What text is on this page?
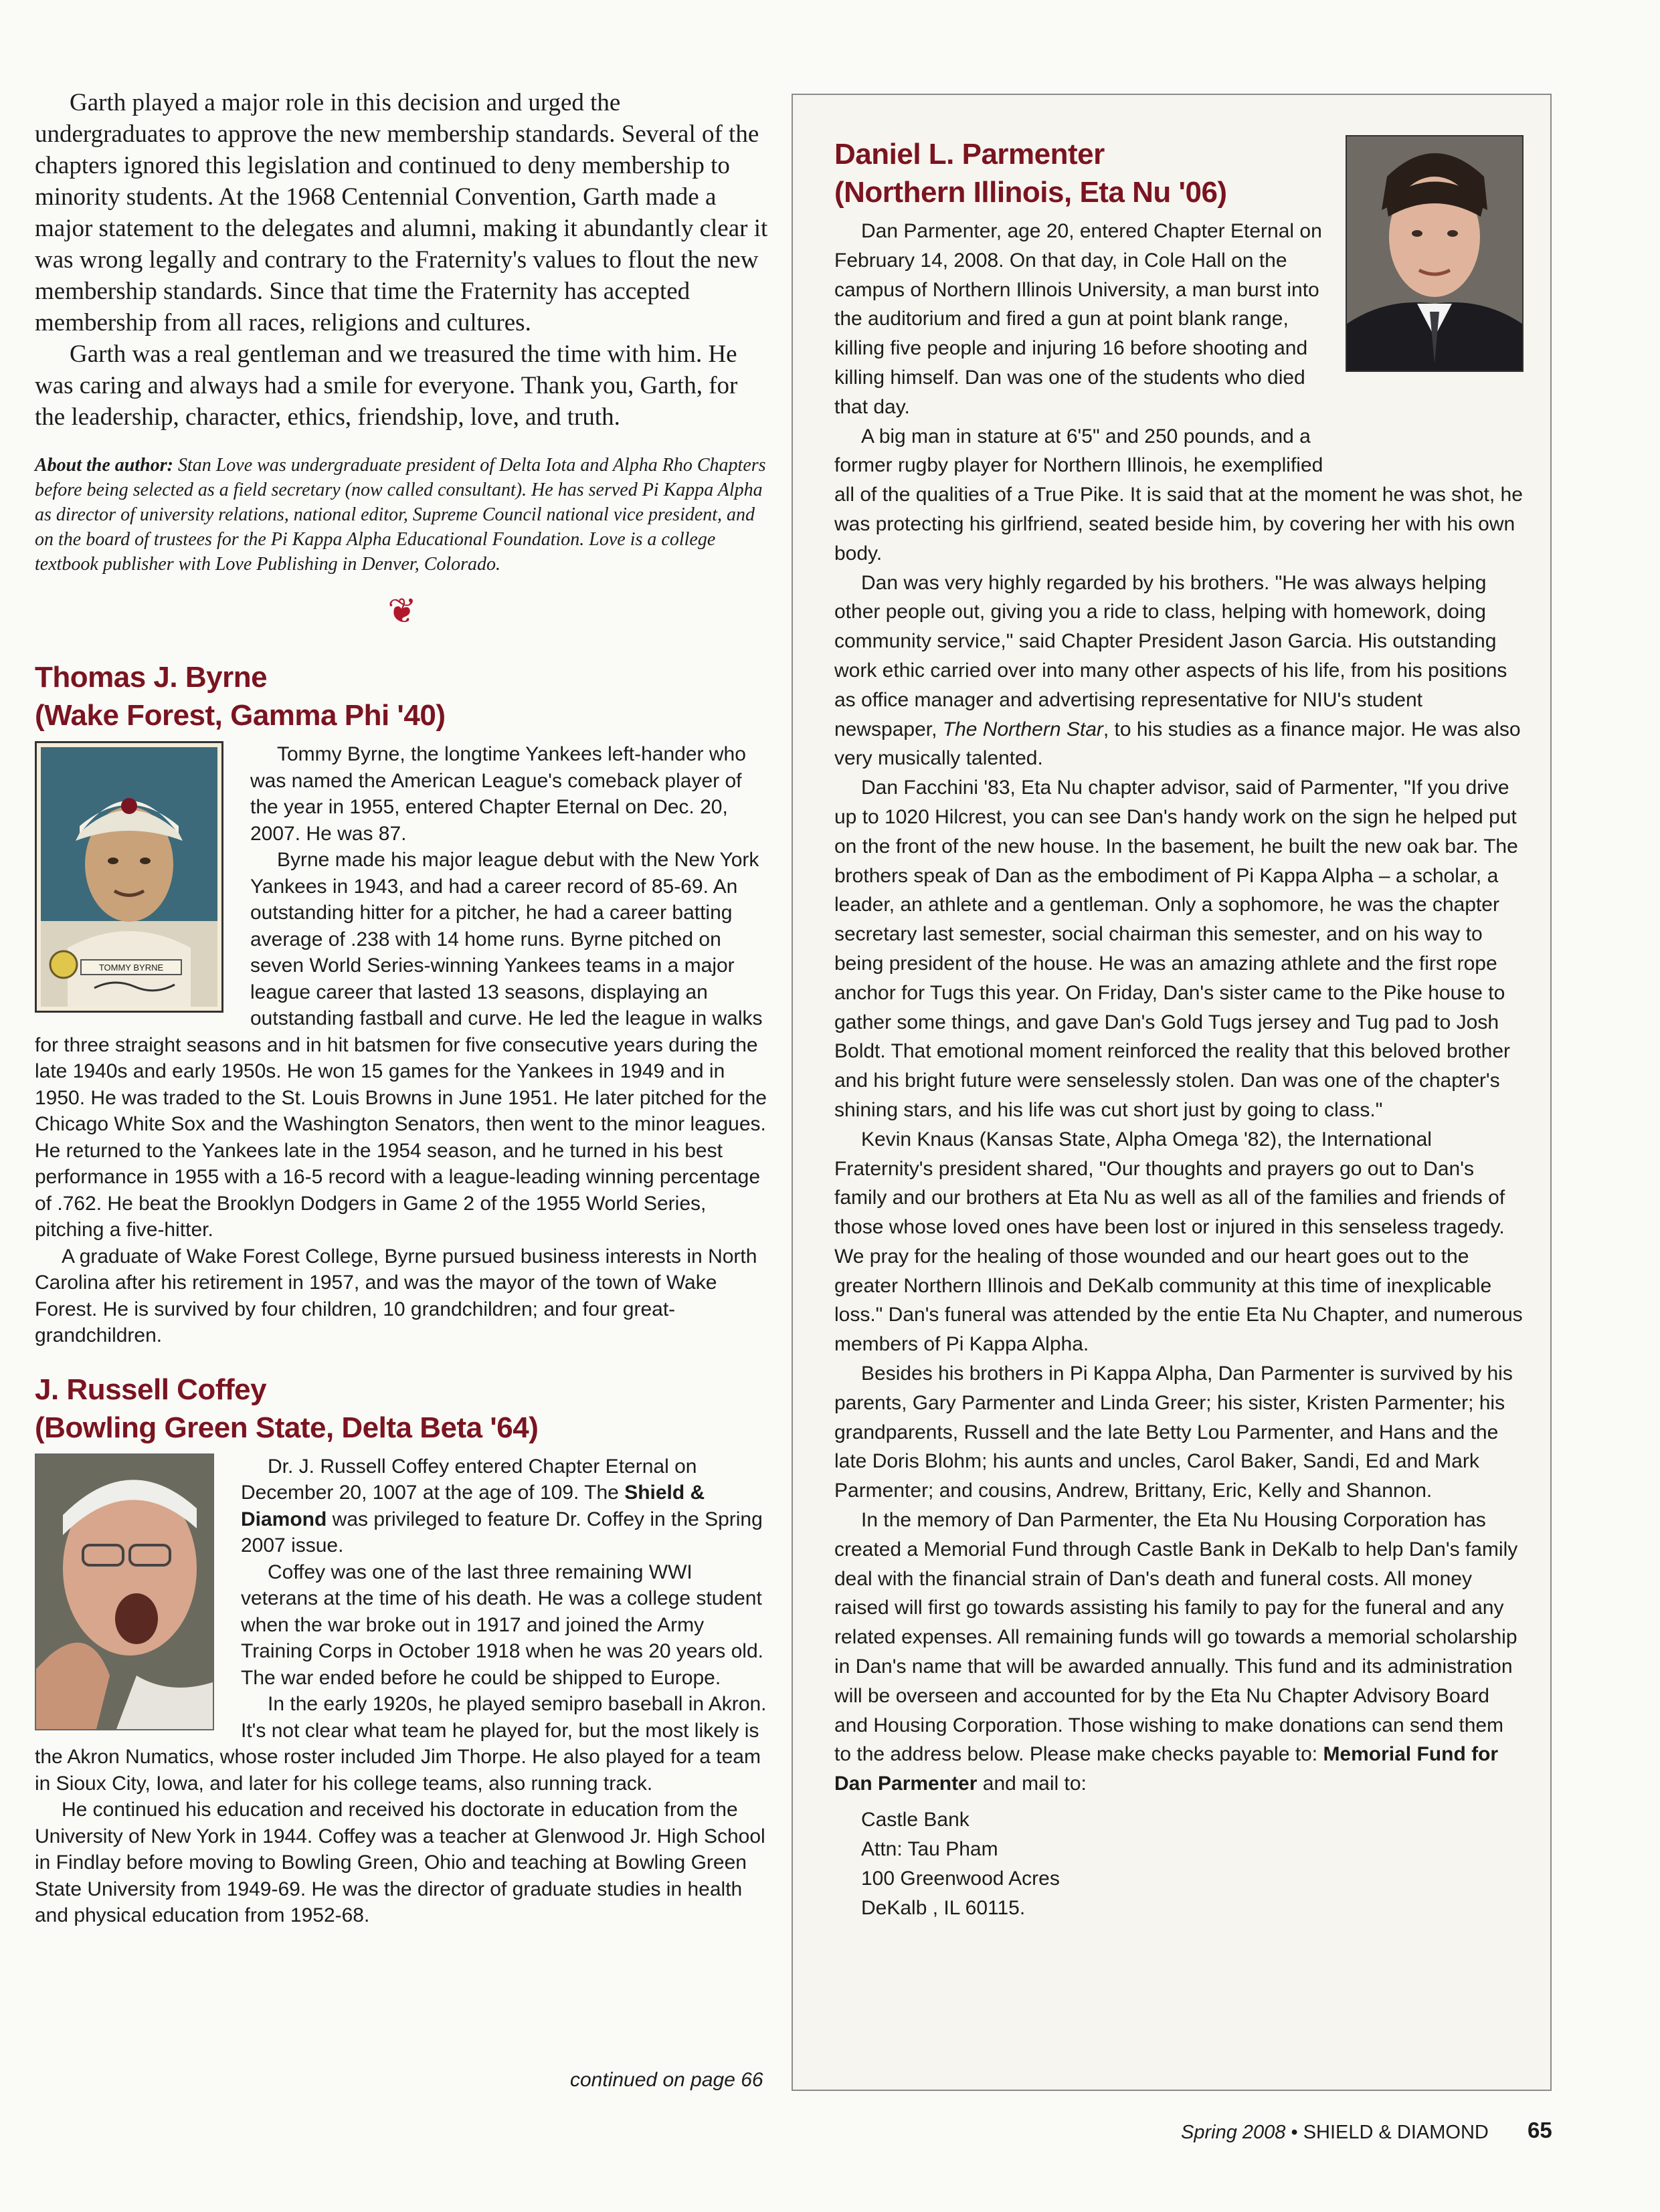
Garth played a major role in this decision and urged the undergraduates to approve the new membership standards. Several of the chapters ignored this legislation and continued to deny membership to minority students. At the 1968 Centennial Convention, Garth made a major statement to the delegates and alumni, making it abundantly clear it was wrong legally and contrary to the Fraternity's values to flout the new membership standards. Since that time the Fraternity has accepted membership from all races, religions and cultures.

Garth was a real gentleman and we treasured the time with him. He was caring and always had a smile for everyone. Thank you, Garth, for the leadership, character, ethics, friendship, love, and truth.

About the author: Stan Love was undergraduate president of Delta Iota and Alpha Rho Chapters before being selected as a field secretary (now called consultant). He has served Pi Kappa Alpha as director of university relations, national editor, Supreme Council national vice president, and on the board of trustees for the Pi Kappa Alpha Educational Foundation. Love is a college textbook publisher with Love Publishing in Denver, Colorado.
❦
Thomas J. Byrne
(Wake Forest, Gamma Phi '40)
TOMMY BYRNE

Tommy Byrne, the longtime Yankees left-hander who was named the American League's comeback player of the year in 1955, entered Chapter Eternal on Dec. 20, 2007. He was 87.

Byrne made his major league debut with the New York Yankees in 1943, and had a career record of 85-69. An outstanding hitter for a pitcher, he had a career batting average of .238 with 14 home runs. Byrne pitched on seven World Series-winning Yankees teams in a major league career that lasted 13 seasons, displaying an outstanding fastball and curve. He led the league in walks for three straight seasons and in hit batsmen for five consecutive years during the late 1940s and early 1950s. He won 15 games for the Yankees in 1949 and in 1950. He was traded to the St. Louis Browns in June 1951. He later pitched for the Chicago White Sox and the Washington Senators, then went to the minor leagues. He returned to the Yankees late in the 1954 season, and he turned in his best performance in 1955 with a 16-5 record with a league-leading winning percentage of .762. He beat the Brooklyn Dodgers in Game 2 of the 1955 World Series, pitching a five-hitter.

A graduate of Wake Forest College, Byrne pursued business interests in North Carolina after his retirement in 1957, and was the mayor of the town of Wake Forest. He is survived by four children, 10 grandchildren; and four great-grandchildren.

J. Russell Coffey
(Bowling Green State, Delta Beta '64)

Dr. J. Russell Coffey entered Chapter Eternal on December 20, 1007 at the age of 109. The Shield & Diamond was privileged to feature Dr. Coffey in the Spring 2007 issue.

Coffey was one of the last three remaining WWI veterans at the time of his death. He was a college student when the war broke out in 1917 and joined the Army Training Corps in October 1918 when he was 20 years old. The war ended before he could be shipped to Europe.

In the early 1920s, he played semipro baseball in Akron. It's not clear what team he played for, but the most likely is the Akron Numatics, whose roster included Jim Thorpe. He also played for a team in Sioux City, Iowa, and later for his college teams, also running track.

He continued his education and received his doctorate in education from the University of New York in 1944. Coffey was a teacher at Glenwood Jr. High School in Findlay before moving to Bowling Green, Ohio and teaching at Bowling Green State University from 1949-69. He was the director of graduate studies in health and physical education from 1952-68.

continued on page 66
Daniel L. Parmenter
(Northern Illinois, Eta Nu '06)

Dan Parmenter, age 20, entered Chapter Eternal on February 14, 2008. On that day, in Cole Hall on the campus of Northern Illinois University, a man burst into the auditorium and fired a gun at point blank range, killing five people and injuring 16 before shooting and killing himself. Dan was one of the students who died that day.

A big man in stature at 6'5" and 250 pounds, and a former rugby player for Northern Illinois, he exemplified all of the qualities of a True Pike. It is said that at the moment he was shot, he was protecting his girlfriend, seated beside him, by covering her with his own body.

Dan was very highly regarded by his brothers. "He was always helping other people out, giving you a ride to class, helping with homework, doing community service," said Chapter President Jason Garcia. His outstanding work ethic carried over into many other aspects of his life, from his positions as office manager and advertising representative for NIU's student newspaper, The Northern Star, to his studies as a finance major. He was also very musically talented.

Dan Facchini '83, Eta Nu chapter advisor, said of Parmenter, "If you drive up to 1020 Hilcrest, you can see Dan's handy work on the sign he helped put on the front of the new house. In the basement, he built the new oak bar. The brothers speak of Dan as the embodiment of Pi Kappa Alpha – a scholar, a leader, an athlete and a gentleman. Only a sophomore, he was the chapter secretary last semester, social chairman this semester, and on his way to being president of the house. He was an amazing athlete and the first rope anchor for Tugs this year. On Friday, Dan's sister came to the Pike house to gather some things, and gave Dan's Gold Tugs jersey and Tug pad to Josh Boldt. That emotional moment reinforced the reality that this beloved brother and his bright future were senselessly stolen. Dan was one of the chapter's shining stars, and his life was cut short just by going to class."

Kevin Knaus (Kansas State, Alpha Omega '82), the International Fraternity's president shared, "Our thoughts and prayers go out to Dan's family and our brothers at Eta Nu as well as all of the families and friends of those whose loved ones have been lost or injured in this senseless tragedy. We pray for the healing of those wounded and our heart goes out to the greater Northern Illinois and DeKalb community at this time of inexplicable loss." Dan's funeral was attended by the entie Eta Nu Chapter, and numerous members of Pi Kappa Alpha.

Besides his brothers in Pi Kappa Alpha, Dan Parmenter is survived by his parents, Gary Parmenter and Linda Greer; his sister, Kristen Parmenter; his grandparents, Russell and the late Betty Lou Parmenter, and Hans and the late Doris Blohm; his aunts and uncles, Carol Baker, Sandi, Ed and Mark Parmenter; and cousins, Andrew, Brittany, Eric, Kelly and Shannon.

In the memory of Dan Parmenter, the Eta Nu Housing Corporation has created a Memorial Fund through Castle Bank in DeKalb to help Dan's family deal with the financial strain of Dan's death and funeral costs. All money raised will first go towards assisting his family to pay for the funeral and any related expenses. All remaining funds will go towards a memorial scholarship in Dan's name that will be awarded annually. This fund and its administration will be overseen and accounted for by the Eta Nu Chapter Advisory Board and Housing Corporation. Those wishing to make donations can send them to the address below. Please make checks payable to: Memorial Fund for Dan Parmenter and mail to:

Castle Bank
Attn: Tau Pham
100 Greenwood Acres
DeKalb , IL 60115.
Spring 2008 • SHIELD & DIAMOND 65
